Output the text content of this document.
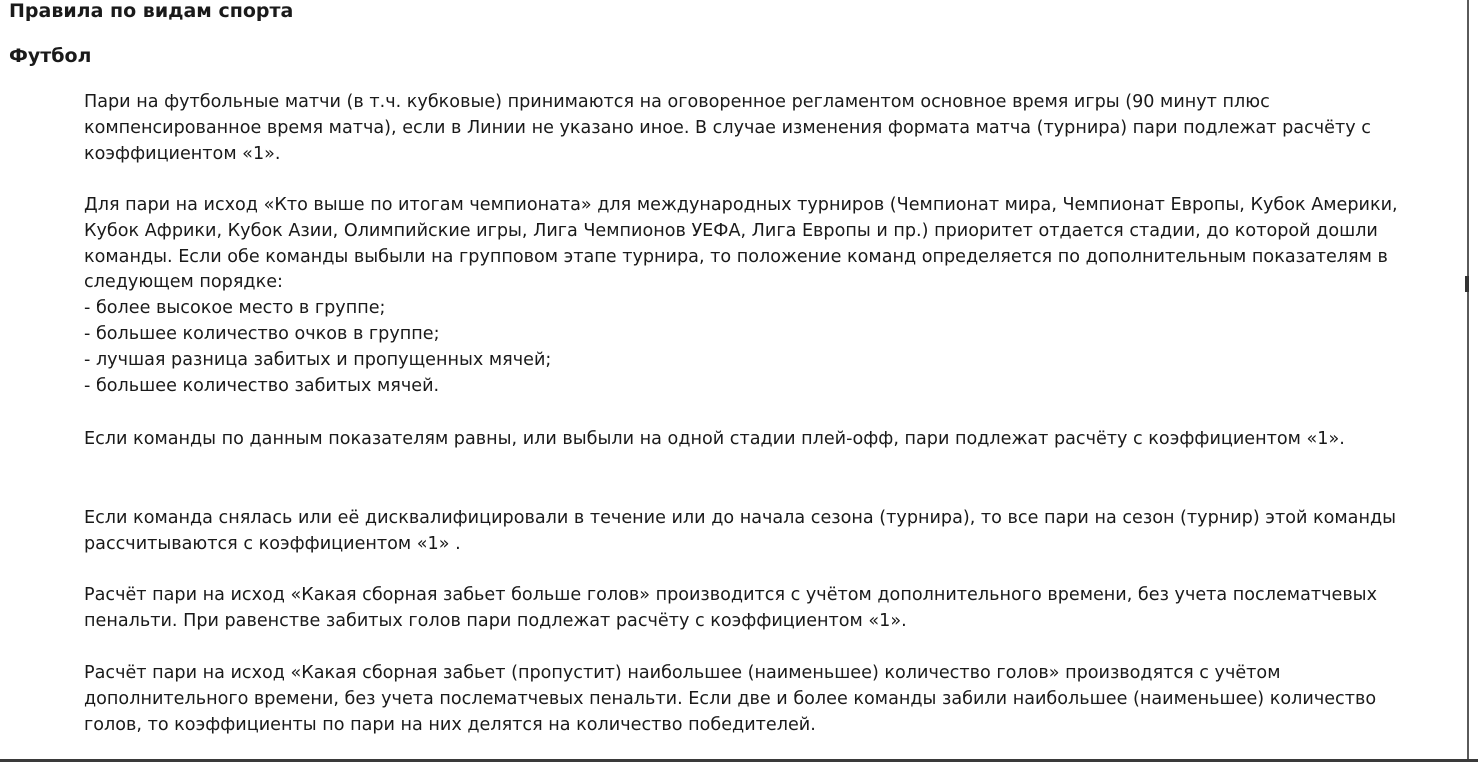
Правила по видам спорта
Футбол

Пари на футбольные матчи (в т.ч. кубковые) принимаются на оговоренное регламентом основное время игры (90 минут плюс
компенсированное время матча), если в Линии не указано иное. В случае изменения формата матча (турнира) пари подлежат расчёту с
коэффициентом «1».

Для пари на исход «Кто выше по итогам чемпионата» для международных турниров (Чемпионат мира, Чемпионат Европы, Кубок Америки,
Кубок Африки, Кубок Азии, Олимпийские игры, Лига Чемпионов УЕФА, Лига Европы и пр.) приоритет отдается стадии, до которой дошли
команды. Если обе команды выбыли на групповом этапе турнира, то положение команд определяется по дополнительным показателям в
следующем порядке:
- более высокое место в группе;
- большее количество очков в группе;
- лучшая разница забитых и пропущенных мячей;
- большее количество забитых мячей.

Если команды по данным показателям равны, или выбыли на одной стадии плей-офф, пари подлежат расчёту с коэффициентом «1».

Если команда снялась или её дисквалифицировали в течение или до начала сезона (турнира), то все пари на сезон (турнир) этой команды
рассчитываются с коэффициентом «1» .

Расчёт пари на исход «Какая сборная забьет больше голов» производится с учётом дополнительного времени, без учета послематчевых
пенальти. При равенстве забитых голов пари подлежат расчёту с коэффициентом «1».

Расчёт пари на исход «Какая сборная забьет (пропустит) наибольшее (наименьшее) количество голов» производятся с учётом
дополнительного времени, без учета послематчевых пенальти. Если две и более команды забили наибольшее (наименьшее) количество
голов, то коэффициенты по пари на них делятся на количество победителей.
